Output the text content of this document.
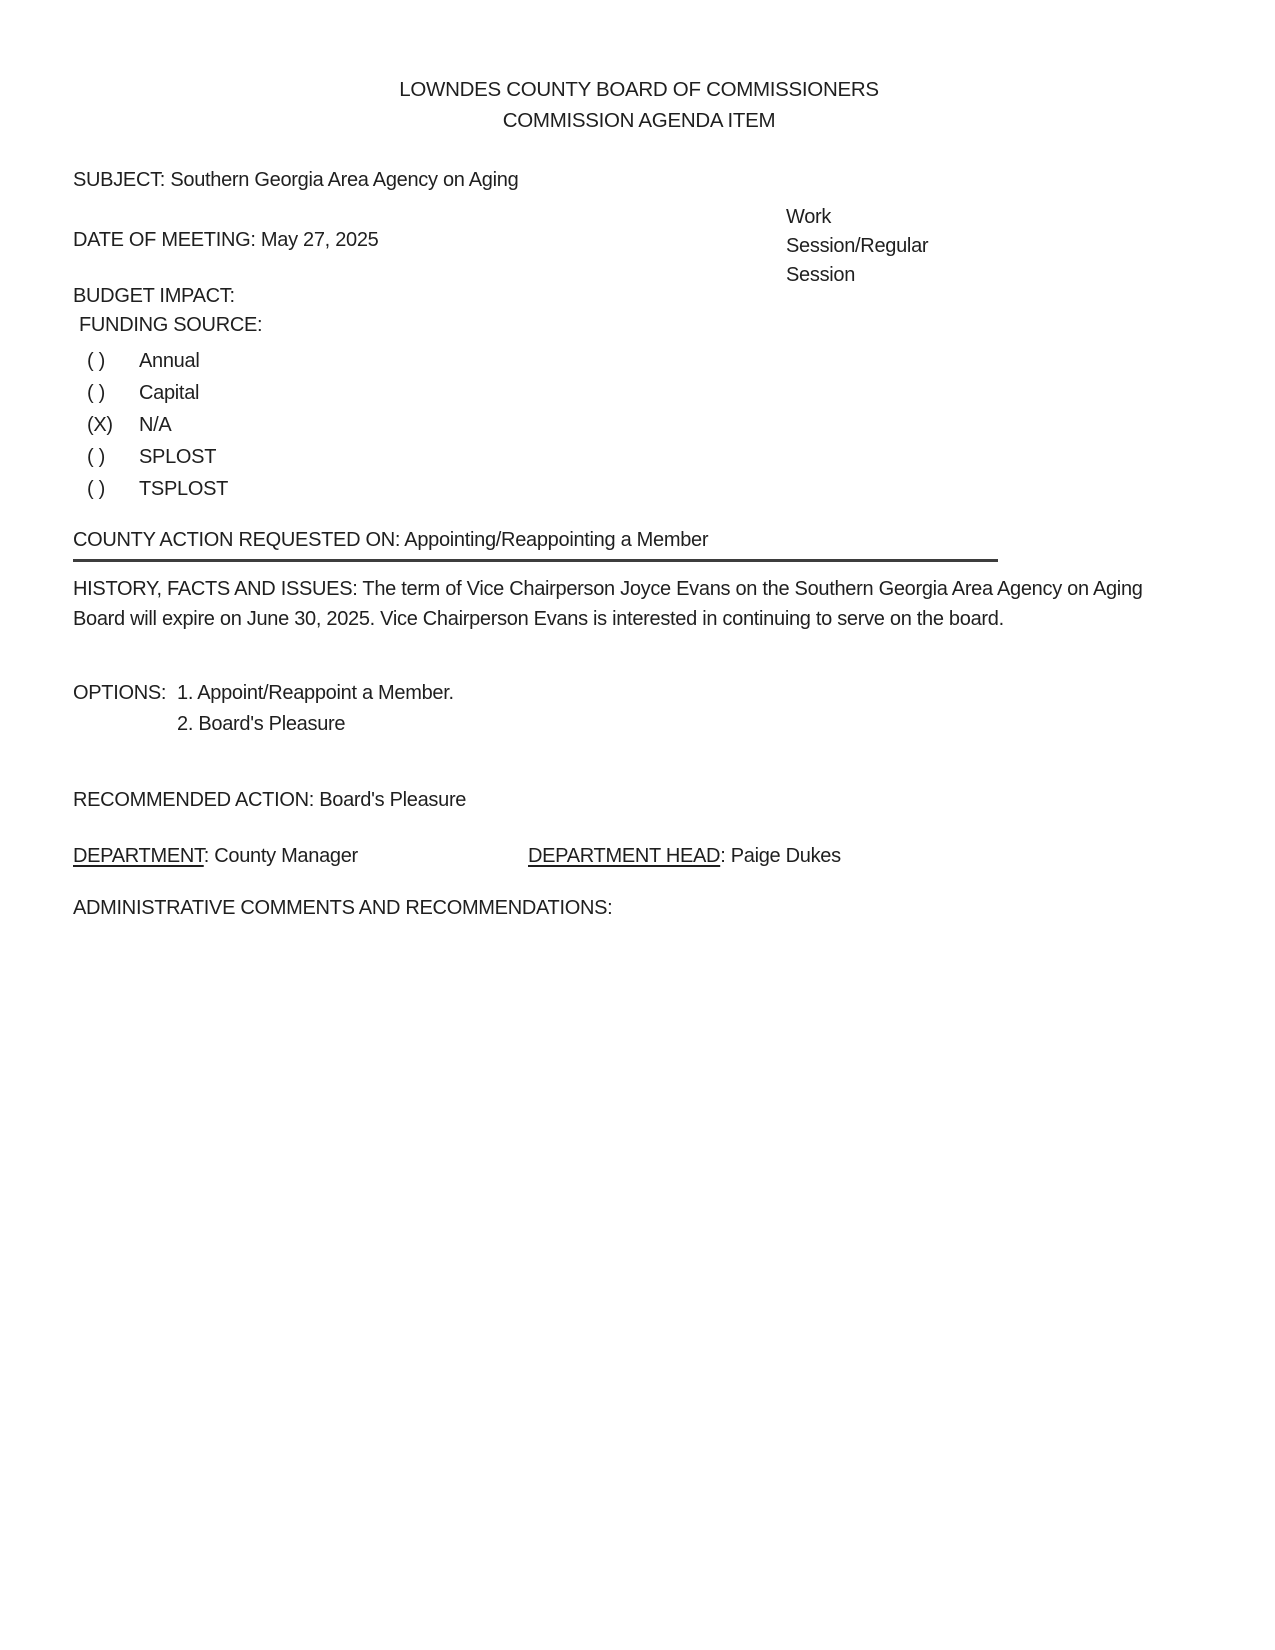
LOWNDES COUNTY BOARD OF COMMISSIONERS
COMMISSION AGENDA ITEM
SUBJECT: Southern Georgia Area Agency on Aging
DATE OF MEETING: May 27, 2025
BUDGET IMPACT:
FUNDING SOURCE:
( )	Annual
( )	Capital
(X)	N/A
( )	SPLOST
( )	TSPLOST
COUNTY ACTION REQUESTED ON: Appointing/Reappointing a Member
HISTORY, FACTS AND ISSUES: The term of Vice Chairperson Joyce Evans on the Southern Georgia Area Agency on Aging Board will expire on June 30, 2025. Vice Chairperson Evans is interested in continuing to serve on the board.
OPTIONS: 1. Appoint/Reappoint a Member.
2. Board's Pleasure
RECOMMENDED ACTION: Board's Pleasure
DEPARTMENT: County Manager	DEPARTMENT HEAD: Paige Dukes
ADMINISTRATIVE COMMENTS AND RECOMMENDATIONS:
Work
Session/Regular
Session
